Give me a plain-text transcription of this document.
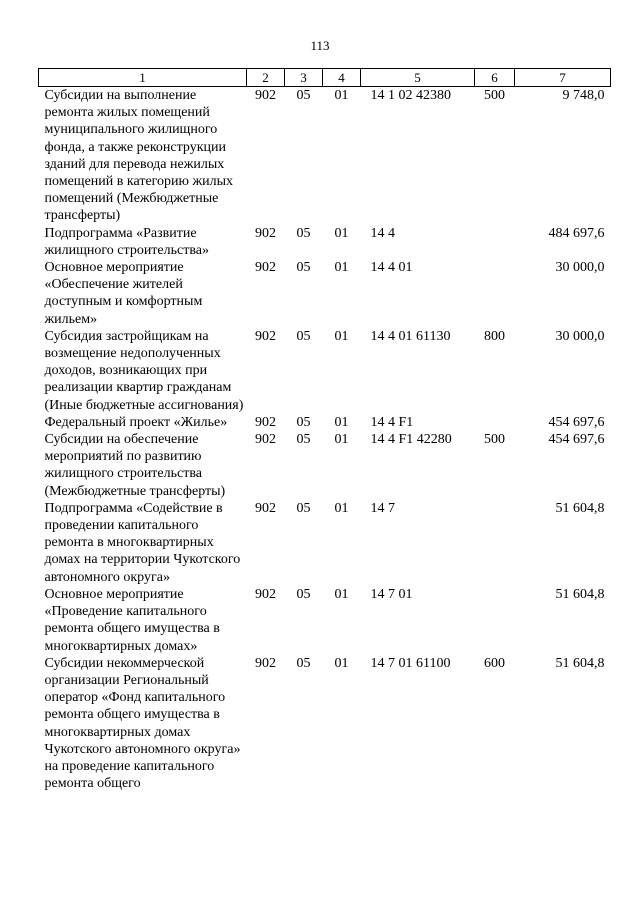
113
1	2	3	4	5	6	7
Субсидии на выполнение ремонта жилых помещений муниципального жилищного фонда, а также реконструкции зданий для перевода нежилых помещений в категорию жилых помещений (Межбюджетные трансферты)	902	05	01	14 1 02 42380	500	9 748,0
Подпрограмма «Развитие жилищного строительства»	902	05	01	14 4		484 697,6
Основное мероприятие «Обеспечение жителей доступным и комфортным жильем»	902	05	01	14 4 01		30 000,0
Субсидия застройщикам на возмещение недополученных доходов, возникающих при реализации квартир гражданам (Иные бюджетные ассигнования)	902	05	01	14 4 01 61130	800	30 000,0
Федеральный проект «Жилье»	902	05	01	14 4 F1		454 697,6
Субсидии на обеспечение мероприятий по развитию жилищного строительства (Межбюджетные трансферты)	902	05	01	14 4 F1 42280	500	454 697,6
Подпрограмма «Содействие в проведении капитального ремонта в многоквартирных домах на территории Чукотского автономного округа»	902	05	01	14 7		51 604,8
Основное мероприятие «Проведение капитального ремонта общего имущества в многоквартирных домах»	902	05	01	14 7 01		51 604,8
Субсидии некоммерческой организации Региональный оператор «Фонд капитального ремонта общего имущества в многоквартирных домах Чукотского автономного округа» на проведение капитального ремонта общего	902	05	01	14 7 01 61100	600	51 604,8
